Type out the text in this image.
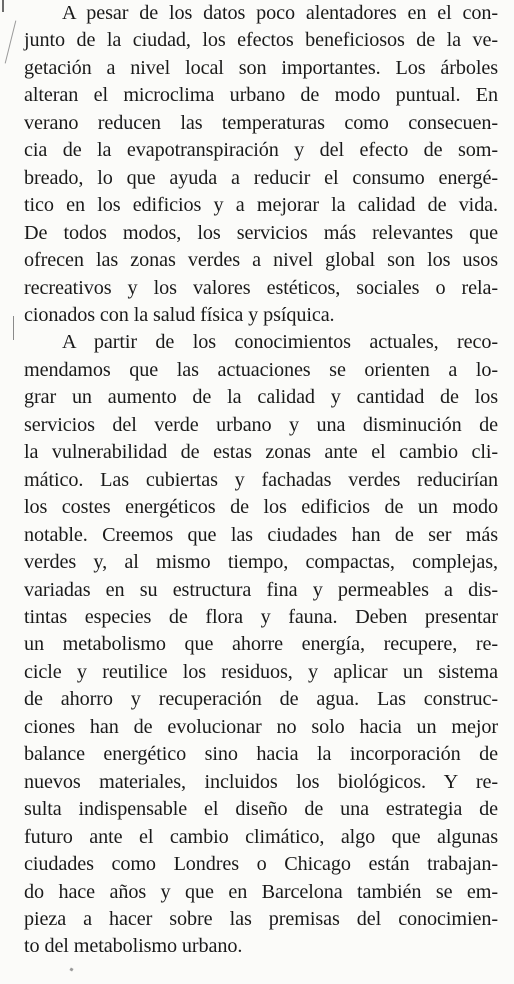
A pesar de los datos poco alentadores en el con-
junto de la ciudad, los efectos beneficiosos de la ve-
getación a nivel local son importantes. Los árboles
alteran el microclima urbano de modo puntual. En
verano reducen las temperaturas como consecuen-
cia de la evapotranspiración y del efecto de som-
breado, lo que ayuda a reducir el consumo energé-
tico en los edificios y a mejorar la calidad de vida.
De todos modos, los servicios más relevantes que
ofrecen las zonas verdes a nivel global son los usos
recreativos y los valores estéticos, sociales o rela-
cionados con la salud física y psíquica.
A partir de los conocimientos actuales, reco-
mendamos que las actuaciones se orienten a lo-
grar un aumento de la calidad y cantidad de los
servicios del verde urbano y una disminución de
la vulnerabilidad de estas zonas ante el cambio cli-
mático. Las cubiertas y fachadas verdes reducirían
los costes energéticos de los edificios de un modo
notable. Creemos que las ciudades han de ser más
verdes y, al mismo tiempo, compactas, complejas,
variadas en su estructura fina y permeables a dis-
tintas especies de flora y fauna. Deben presentar
un metabolismo que ahorre energía, recupere, re-
cicle y reutilice los residuos, y aplicar un sistema
de ahorro y recuperación de agua. Las construc-
ciones han de evolucionar no solo hacia un mejor
balance energético sino hacia la incorporación de
nuevos materiales, incluidos los biológicos. Y re-
sulta indispensable el diseño de una estrategia de
futuro ante el cambio climático, algo que algunas
ciudades como Londres o Chicago están trabajan-
do hace años y que en Barcelona también se em-
pieza a hacer sobre las premisas del conocimien-
to del metabolismo urbano.
